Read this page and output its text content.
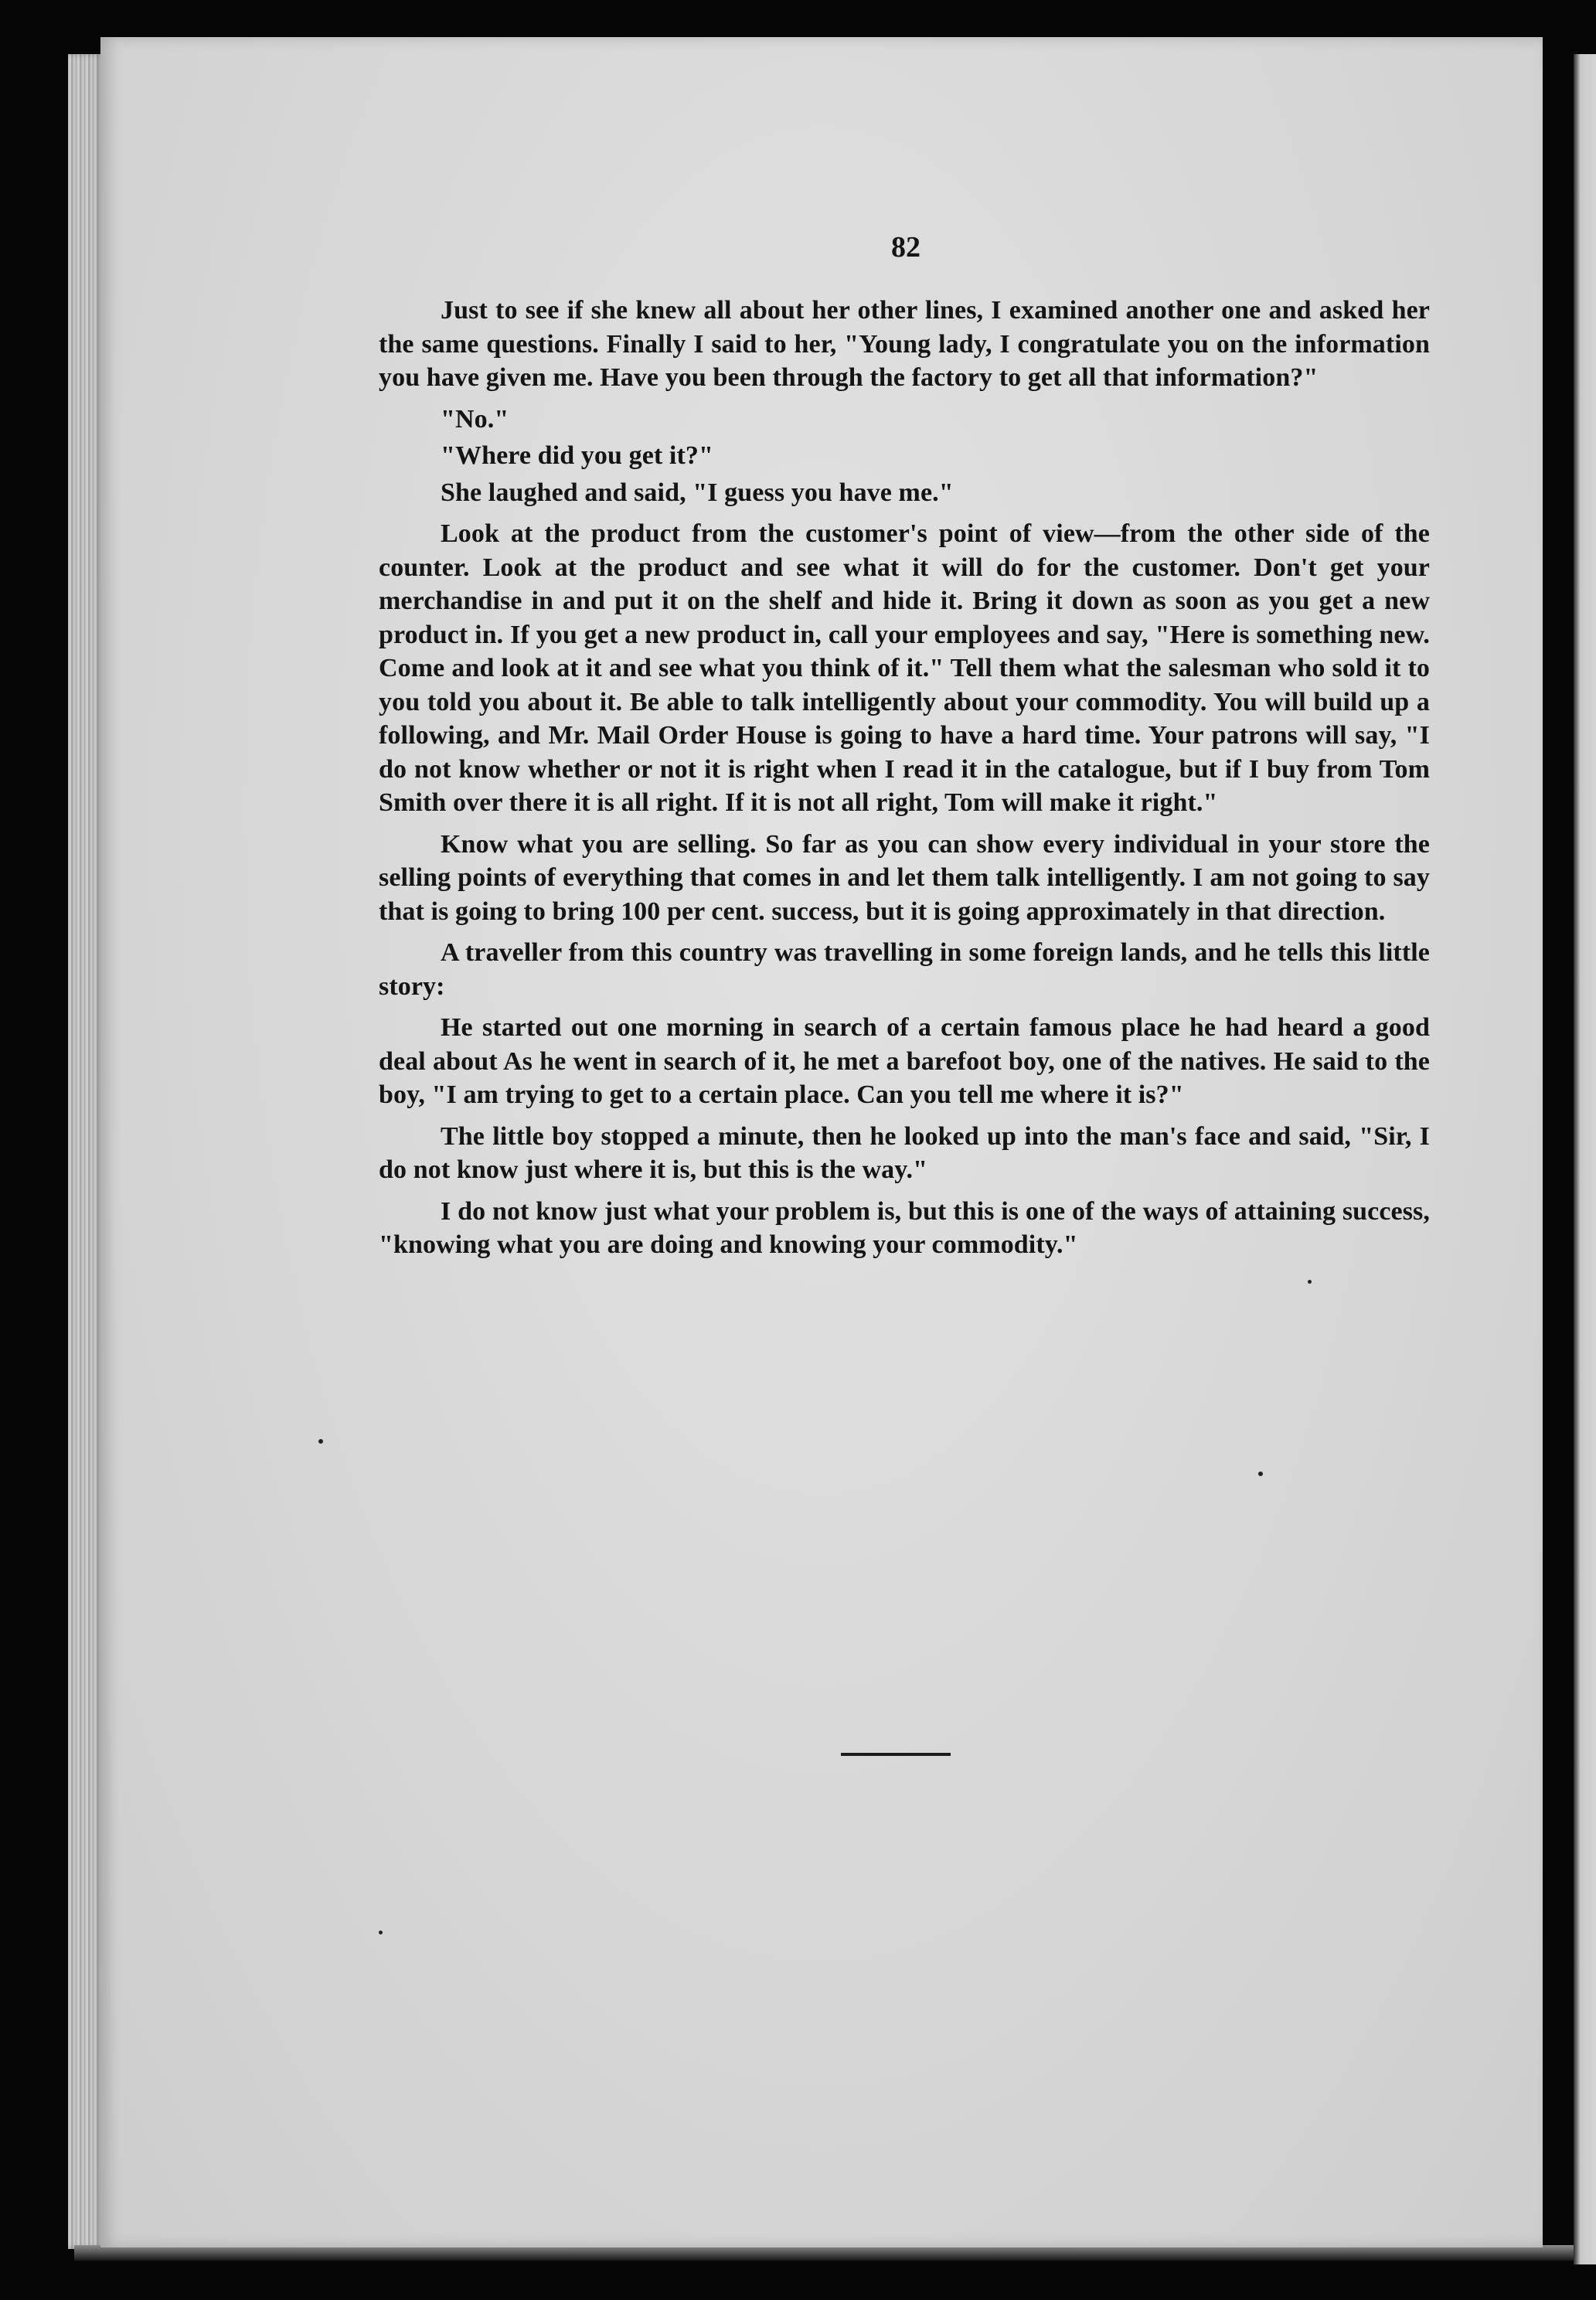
82

Just to see if she knew all about her other lines, I examined another one and asked her the same questions. Finally I said to her, "Young lady, I congratulate you on the information you have given me. Have you been through the factory to get all that information?"

"No."

"Where did you get it?"

She laughed and said, "I guess you have me."

Look at the product from the customer's point of view—from the other side of the counter. Look at the product and see what it will do for the customer. Don't get your merchandise in and put it on the shelf and hide it. Bring it down as soon as you get a new product in. If you get a new product in, call your employees and say, "Here is something new. Come and look at it and see what you think of it." Tell them what the salesman who sold it to you told you about it. Be able to talk intelligently about your commodity. You will build up a following, and Mr. Mail Order House is going to have a hard time. Your patrons will say, "I do not know whether or not it is right when I read it in the catalogue, but if I buy from Tom Smith over there it is all right. If it is not all right, Tom will make it right."

Know what you are selling. So far as you can show every individual in your store the selling points of everything that comes in and let them talk intelligently. I am not going to say that is going to bring 100 per cent. success, but it is going approximately in that direction.

A traveller from this country was travelling in some foreign lands, and he tells this little story:

He started out one morning in search of a certain famous place he had heard a good deal about As he went in search of it, he met a barefoot boy, one of the natives. He said to the boy, "I am trying to get to a certain place. Can you tell me where it is?"

The little boy stopped a minute, then he looked up into the man's face and said, "Sir, I do not know just where it is, but this is the way."

I do not know just what your problem is, but this is one of the ways of attaining success, "knowing what you are doing and knowing your commodity."
